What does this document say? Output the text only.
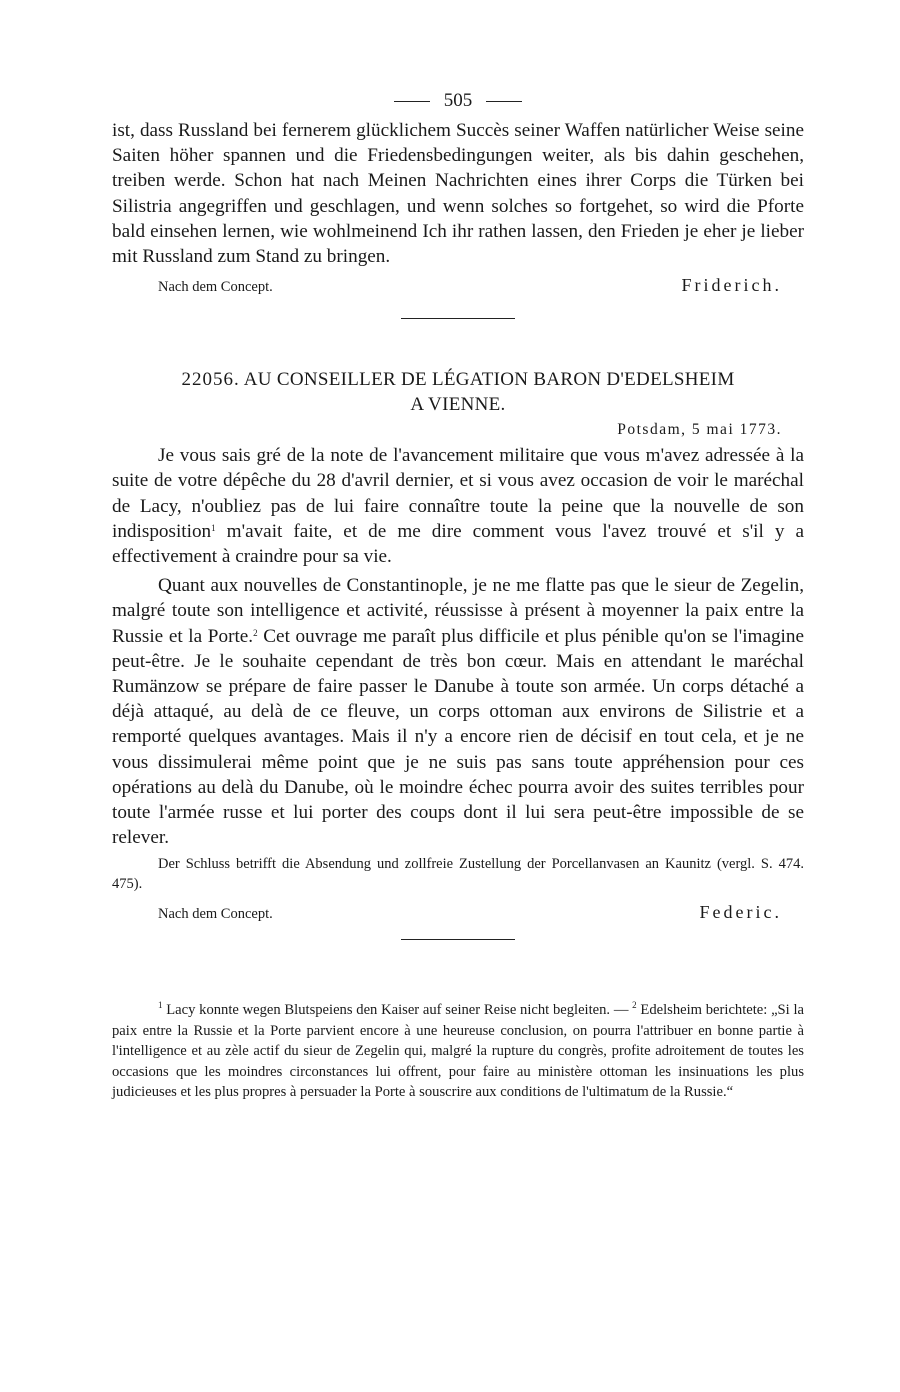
505

ist, dass Russland bei fernerem glücklichem Succès seiner Waffen natürlicher Weise seine Saiten höher spannen und die Friedensbedingungen weiter, als bis dahin geschehen, treiben werde. Schon hat nach Meinen Nachrichten eines ihrer Corps die Türken bei Silistria angegriffen und geschlagen, und wenn solches so fortgehet, so wird die Pforte bald einsehen lernen, wie wohlmeinend Ich ihr rathen lassen, den Frieden je eher je lieber mit Russland zum Stand zu bringen.

Nach dem Concept.	Friderich.

22056. AU CONSEILLER DE LÉGATION BARON D'EDELSHEIM

A VIENNE.

Potsdam, 5 mai 1773.

Je vous sais gré de la note de l'avancement militaire que vous m'avez adressée à la suite de votre dépêche du 28 d'avril dernier, et si vous avez occasion de voir le maréchal de Lacy, n'oubliez pas de lui faire connaître toute la peine que la nouvelle de son indisposition$^1$ m'avait faite, et de me dire comment vous l'avez trouvé et s'il y a effectivement à craindre pour sa vie.

Quant aux nouvelles de Constantinople, je ne me flatte pas que le sieur de Zegelin, malgré toute son intelligence et activité, réussisse à présent à moyenner la paix entre la Russie et la Porte.$^2$ Cet ouvrage me paraît plus difficile et plus pénible qu'on se l'imagine peut-être. Je le souhaite cependant de très bon cœur. Mais en attendant le maréchal Rumänzow se prépare de faire passer le Danube à toute son armée. Un corps détaché a déjà attaqué, au delà de ce fleuve, un corps ottoman aux environs de Silistrie et a remporté quelques avantages. Mais il n'y a encore rien de décisif en tout cela, et je ne vous dissimulerai même point que je ne suis pas sans toute appréhension pour ces opérations au delà du Danube, où le moindre échec pourra avoir des suites terribles pour toute l'armée russe et lui porter des coups dont il lui sera peut-être impossible de se relever.

Der Schluss betrifft die Absendung und zollfreie Zustellung der Porcellanvasen an Kaunitz (vergl. S. 474. 475).

Nach dem Concept.	Federic.

$^1$ Lacy konnte wegen Blutspeiens den Kaiser auf seiner Reise nicht begleiten. — $^2$ Edelsheim berichtete: „Si la paix entre la Russie et la Porte parvient encore à une heureuse conclusion, on pourra l'attribuer en bonne partie à l'intelligence et au zèle actif du sieur de Zegelin qui, malgré la rupture du congrès, profite adroitement de toutes les occasions que les moindres circonstances lui offrent, pour faire au ministère ottoman les insinuations les plus judicieuses et les plus propres à persuader la Porte à souscrire aux conditions de l'ultimatum de la Russie.“
